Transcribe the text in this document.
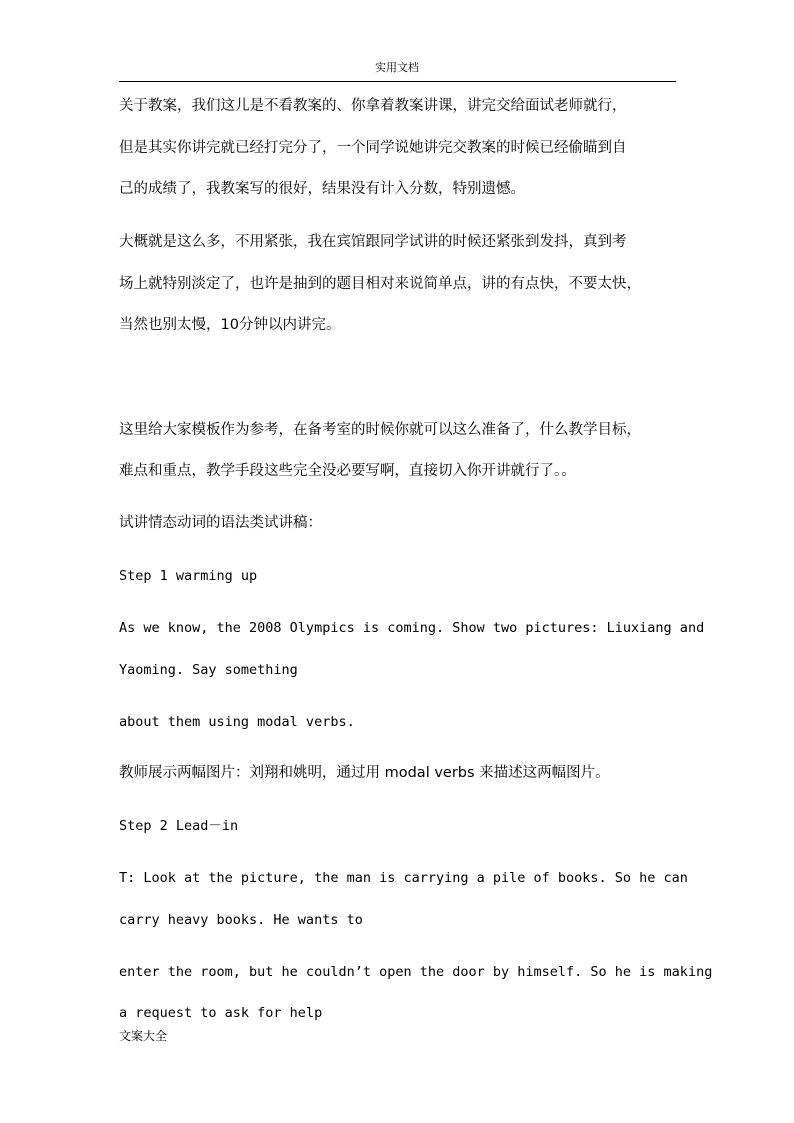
实用文档
关于教案，我们这儿是不看教案的、你拿着教案讲课，讲完交给面试老师就行，
但是其实你讲完就已经打完分了，一个同学说她讲完交教案的时候已经偷瞄到自
己的成绩了，我教案写的很好，结果没有计入分数，特别遗憾。
大概就是这么多，不用紧张，我在宾馆跟同学试讲的时候还紧张到发抖，真到考
场上就特别淡定了，也许是抽到的题目相对来说简单点，讲的有点快，不要太快，
当然也别太慢，10分钟以内讲完。
这里给大家模板作为参考，在备考室的时候你就可以这么准备了，什么教学目标，
难点和重点，教学手段这些完全没必要写啊，直接切入你开讲就行了。。
试讲情态动词的语法类试讲稿：
Step 1 warming up
As we know, the 2008 Olympics is coming. Show two pictures: Liuxiang and
Yaoming. Say something
about them using modal verbs.
教师展示两幅图片：刘翔和姚明，通过用 modal verbs 来描述这两幅图片。
Step 2 Lead－in
T: Look at the picture, the man is carrying a pile of books. So he can
carry heavy books. He wants to
enter the room, but he couldn’t open the door by himself. So he is making
a request to ask for help
文案大全
